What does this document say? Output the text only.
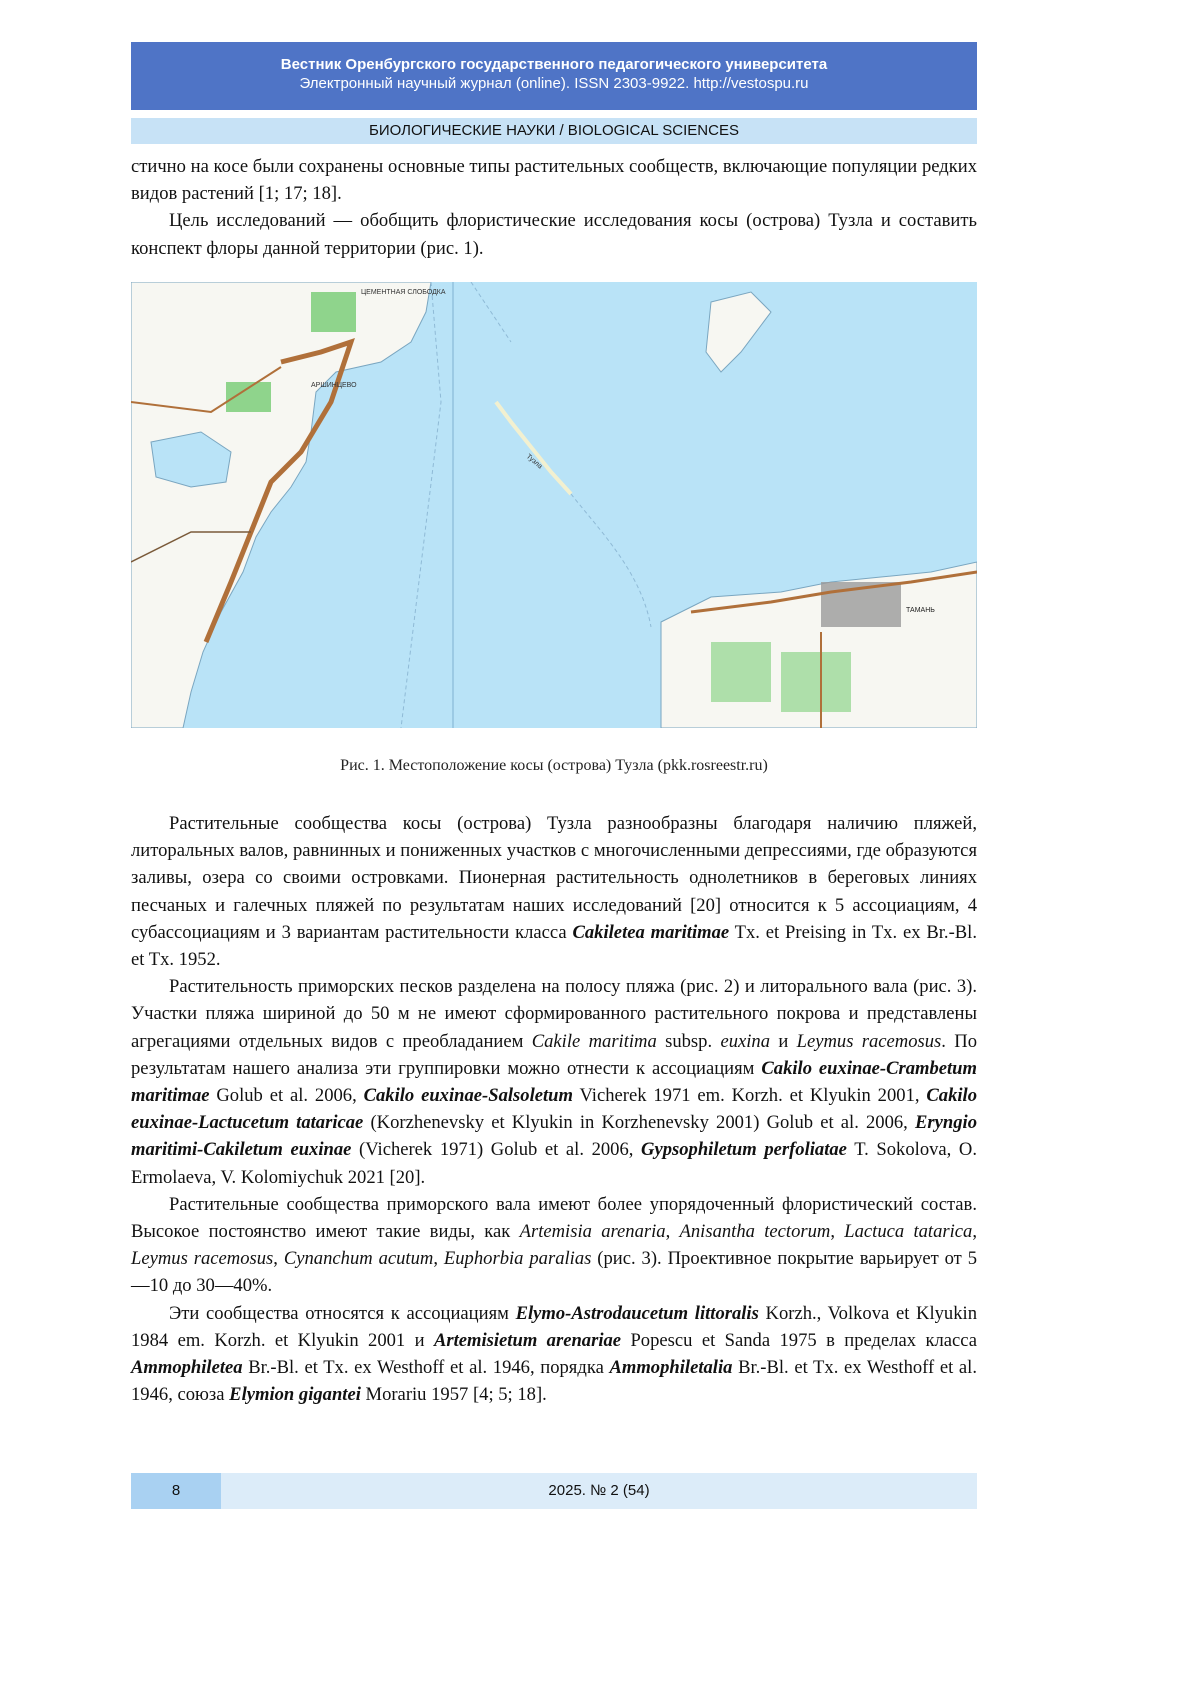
Вестник Оренбургского государственного педагогического университета
Электронный научный журнал (online). ISSN 2303-9922. http://vestospu.ru
БИОЛОГИЧЕСКИЕ НАУКИ / BIOLOGICAL SCIENCES

стично на косе были сохранены основные типы растительных сообществ, включающие популяции редких видов растений [1; 17; 18].

Цель исследований — обобщить флористические исследования косы (острова) Тузла и составить конспект флоры данной территории (рис. 1).

ЦЕМЕНТНАЯ СЛОБОДКА
АРШИНЦЕВО
Тузла
ТАМАНЬ
Рис. 1. Местоположение косы (острова) Тузла (pkk.rosreestr.ru)

Растительные сообщества косы (острова) Тузла разнообразны благодаря наличию пляжей, литоральных валов, равнинных и пониженных участков с многочисленными депрессиями, где образуются заливы, озера со своими островками. Пионерная растительность однолетников в береговых линиях песчаных и галечных пляжей по результатам наших исследований [20] относится к 5 ассоциациям, 4 субассоциациям и 3 вариантам растительности класса Cakiletea maritimae Tx. et Preising in Tx. ex Br.-Bl. et Tx. 1952.

Растительность приморских песков разделена на полосу пляжа (рис. 2) и литорального вала (рис. 3). Участки пляжа шириной до 50 м не имеют сформированного растительного покрова и представлены агрегациями отдельных видов с преобладанием Cakile maritima subsp. euxina и Leymus racemosus. По результатам нашего анализа эти группировки можно отнести к ассоциациям Cakilo euxinae-Crambetum maritimae Golub et al. 2006, Cakilo euxinae-Salsoletum Vicherek 1971 em. Korzh. et Klyukin 2001, Cakilo euxinae-Lactucetum tataricae (Korzhenevsky et Klyukin in Korzhenevsky 2001) Golub et al. 2006, Eryngio maritimi-Cakiletum euxinae (Vicherek 1971) Golub et al. 2006, Gypsophiletum perfoliatae T. Sokolova, O. Ermolaeva, V. Kolomiychuk 2021 [20].

Растительные сообщества приморского вала имеют более упорядоченный флористический состав. Высокое постоянство имеют такие виды, как Artemisia arenaria, Anisantha tectorum, Lactuca tatarica, Leymus racemosus, Cynanchum acutum, Euphorbia paralias (рис. 3). Проективное покрытие варьирует от 5—10 до 30—40%.

Эти сообщества относятся к ассоциациям Elymo-Astrodaucetum littoralis Korzh., Volkova et Klyukin 1984 em. Korzh. et Klyukin 2001 и Artemisietum arenariae Popescu et Sanda 1975 в пределах класса Ammophiletea Br.-Bl. et Tx. ex Westhoff et al. 1946, порядка Ammophiletalia Br.-Bl. et Tx. ex Westhoff et al. 1946, союза Elymion gigantei Morariu 1957 [4; 5; 18].

8	2025. № 2 (54)
